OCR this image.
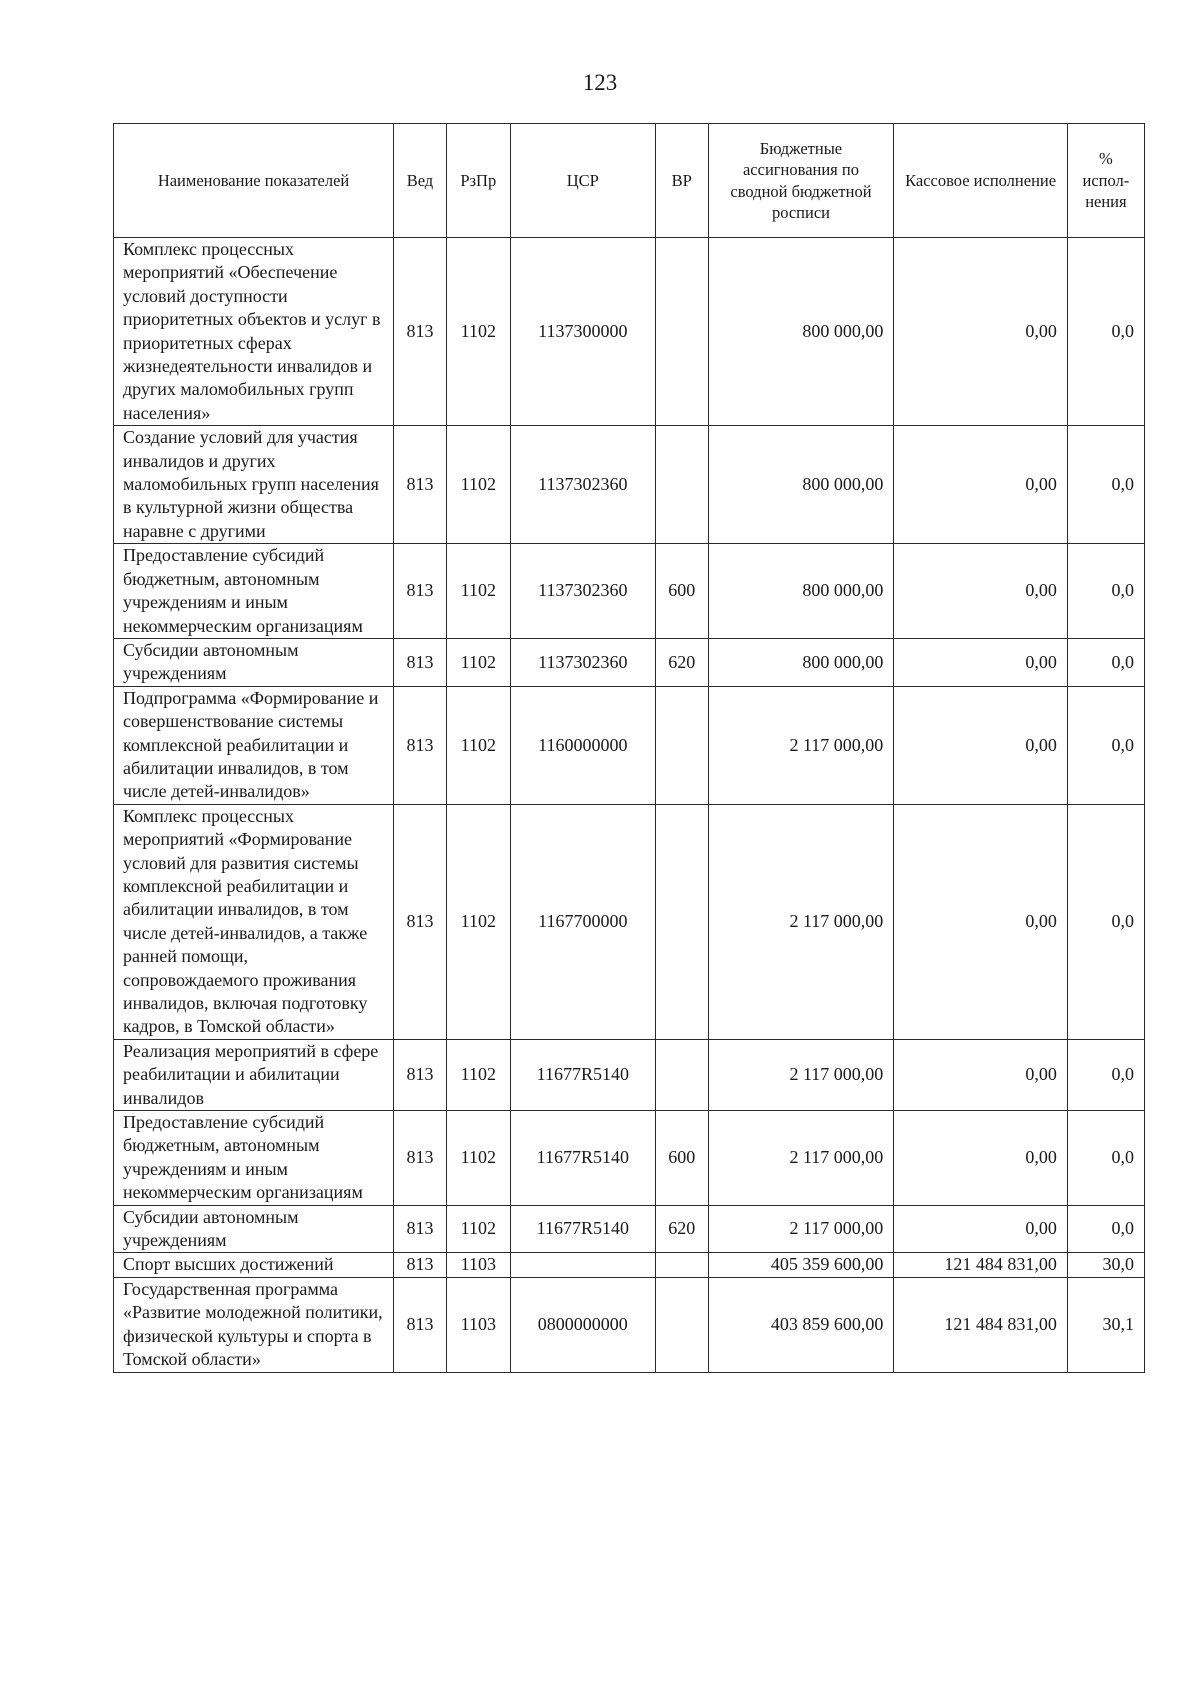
123
Наименование показателей	Вед	РзПр	ЦСР	ВР	Бюджетные ассигнования по сводной бюджетной росписи	Кассовое исполнение	% испол-нения
Комплекс процессных мероприятий «Обеспечение условий доступности приоритетных объектов и услуг в приоритетных сферах жизнедеятельности инвалидов и других маломобильных групп населения»	813	1102	1137300000		800 000,00	0,00	0,0
Создание условий для участия инвалидов и других маломобильных групп населения в культурной жизни общества наравне с другими	813	1102	1137302360		800 000,00	0,00	0,0
Предоставление субсидий бюджетным, автономным учреждениям и иным некоммерческим организациям	813	1102	1137302360	600	800 000,00	0,00	0,0
Субсидии автономным учреждениям	813	1102	1137302360	620	800 000,00	0,00	0,0
Подпрограмма «Формирование и совершенствование системы комплексной реабилитации и абилитации инвалидов, в том числе детей-инвалидов»	813	1102	1160000000		2 117 000,00	0,00	0,0
Комплекс процессных мероприятий «Формирование условий для развития системы комплексной реабилитации и абилитации инвалидов, в том числе детей-инвалидов, а также ранней помощи, сопровождаемого проживания инвалидов, включая подготовку кадров, в Томской области»	813	1102	1167700000		2 117 000,00	0,00	0,0
Реализация мероприятий в сфере реабилитации и абилитации инвалидов	813	1102	11677R5140		2 117 000,00	0,00	0,0
Предоставление субсидий бюджетным, автономным учреждениям и иным некоммерческим организациям	813	1102	11677R5140	600	2 117 000,00	0,00	0,0
Субсидии автономным учреждениям	813	1102	11677R5140	620	2 117 000,00	0,00	0,0
Спорт высших достижений	813	1103			405 359 600,00	121 484 831,00	30,0
Государственная программа «Развитие молодежной политики, физической культуры и спорта в Томской области»	813	1103	0800000000		403 859 600,00	121 484 831,00	30,1
